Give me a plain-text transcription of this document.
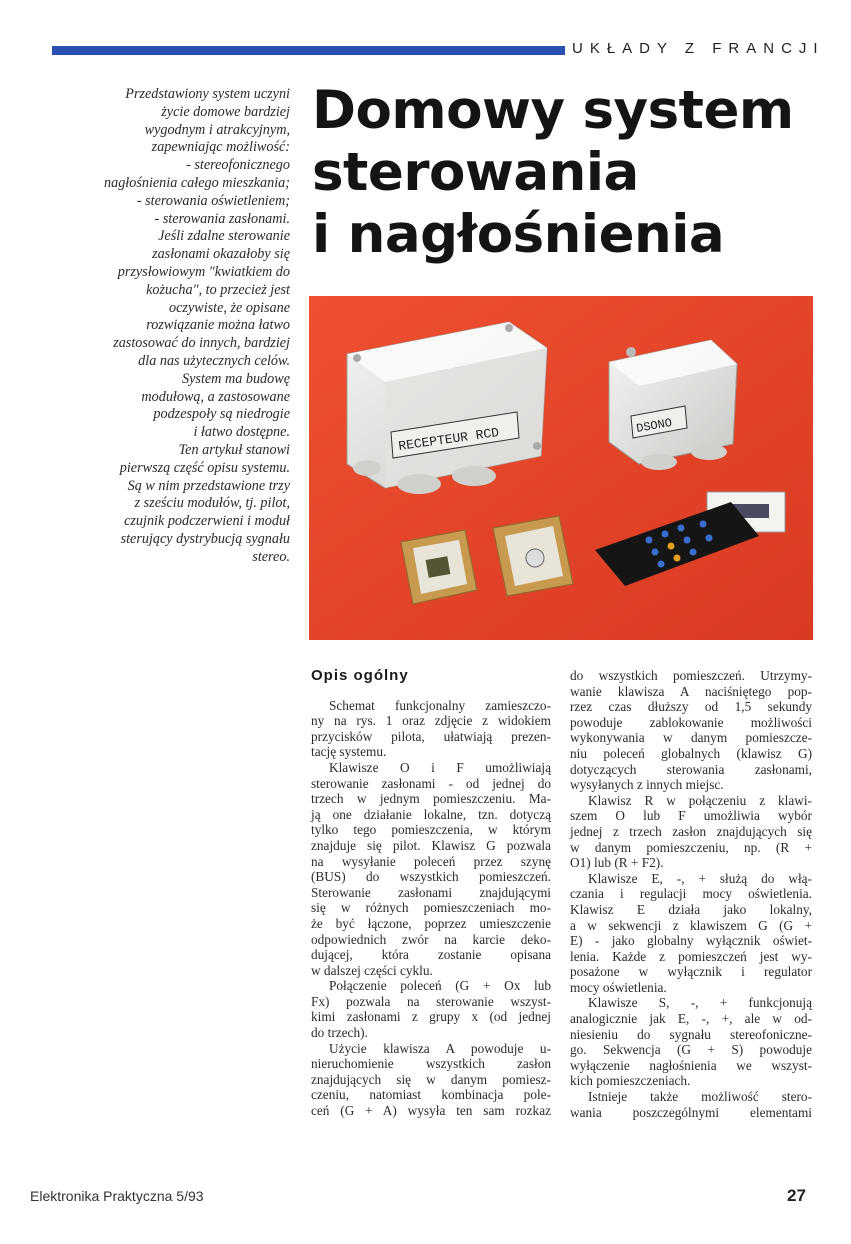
UKŁADY Z FRANCJI
Przedstawiony system uczyni
życie domowe bardziej
wygodnym i atrakcyjnym,
zapewniając możliwość:
- stereofonicznego
nagłośnienia całego mieszkania;
- sterowania oświetleniem;
- sterowania zasłonami.
Jeśli zdalne sterowanie
zasłonami okazałoby się
przysłowiowym "kwiatkiem do
kożucha", to przecież jest
oczywiste, że opisane
rozwiązanie można łatwo
zastosować do innych, bardziej
dla nas użytecznych celów.
System ma budowę
modułową, a zastosowane
podzespoły są niedrogie
i łatwo dostępne.
Ten artykuł stanowi
pierwszą część opisu systemu.
Są w nim przedstawione trzy
z sześciu modułów, tj. pilot,
czujnik podczerwieni i moduł
sterujący dystrybucją sygnału
stereo.
Domowy system
sterowania
i nagłośnienia
RECEPTEUR RCD	DSONO
Opis ogólny
Schemat funkcjonalny zamieszczo-
ny na rys. 1 oraz zdjęcie z widokiem
przycisków pilota, ułatwiają prezen-
tację systemu.
Klawisze O i F umożliwiają
sterowanie zasłonami - od jednej do
trzech w jednym pomieszczeniu. Ma-
ją one działanie lokalne, tzn. dotyczą
tylko tego pomieszczenia, w którym
znajduje się pilot. Klawisz G pozwala
na wysyłanie poleceń przez szynę
(BUS) do wszystkich pomieszczeń.
Sterowanie zasłonami znajdującymi
się w różnych pomieszczeniach mo-
że być łączone, poprzez umieszczenie
odpowiednich zwór na karcie deko-
dującej, która zostanie opisana
w dalszej części cyklu.
Połączenie poleceń (G + Ox lub
Fx) pozwala na sterowanie wszyst-
kimi zasłonami z grupy x (od jednej
do trzech).
Użycie klawisza A powoduje u-
nieruchomienie wszystkich zasłon
znajdujących się w danym pomiesz-
czeniu, natomiast kombinacja pole-
ceń (G + A) wysyła ten sam rozkaz
do wszystkich pomieszczeń. Utrzymy-
wanie klawisza A naciśniętego pop-
rzez czas dłuższy od 1,5 sekundy
powoduje zablokowanie możliwości
wykonywania w danym pomieszcze-
niu poleceń globalnych (klawisz G)
dotyczących sterowania zasłonami,
wysyłanych z innych miejsc.
Klawisz R w połączeniu z klawi-
szem O lub F umożliwia wybór
jednej z trzech zasłon znajdujących się
w danym pomieszczeniu, np. (R +
O1) lub (R + F2).
Klawisze E, -, + służą do włą-
czania i regulacji mocy oświetlenia.
Klawisz E działa jako lokalny,
a w sekwencji z klawiszem G (G +
E) - jako globalny wyłącznik oświet-
lenia. Każde z pomieszczeń jest wy-
posażone w wyłącznik i regulator
mocy oświetlenia.
Klawisze S, -, + funkcjonują
analogicznie jak E, -, +, ale w od-
niesieniu do sygnału stereofoniczne-
go. Sekwencja (G + S) powoduje
wyłączenie nagłośnienia we wszyst-
kich pomieszczeniach.
Istnieje także możliwość stero-
wania poszczególnymi elementami
Elektronika Praktyczna 5/93	27
